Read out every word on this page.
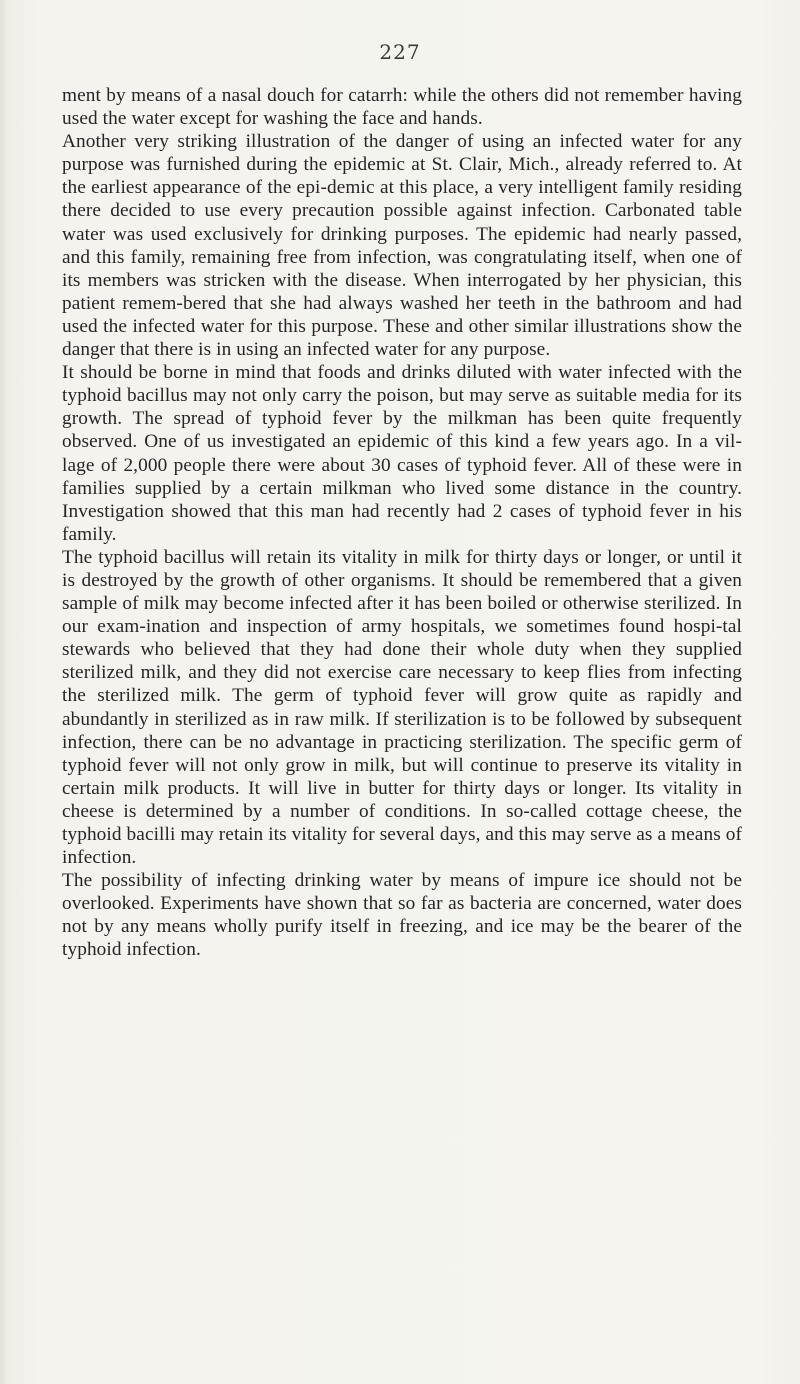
227

ment by means of a nasal douch for catarrh: while the others did not remember having used the water except for washing the face and hands.

Another very striking illustration of the danger of using an infected water for any purpose was furnished during the epidemic at St. Clair, Mich., already referred to. At the earliest appearance of the epi-demic at this place, a very intelligent family residing there decided to use every precaution possible against infection. Carbonated table water was used exclusively for drinking purposes. The epidemic had nearly passed, and this family, remaining free from infection, was congratulating itself, when one of its members was stricken with the disease. When interrogated by her physician, this patient remem-bered that she had always washed her teeth in the bathroom and had used the infected water for this purpose. These and other similar illustrations show the danger that there is in using an infected water for any purpose.

It should be borne in mind that foods and drinks diluted with water infected with the typhoid bacillus may not only carry the poison, but may serve as suitable media for its growth. The spread of typhoid fever by the milkman has been quite frequently observed. One of us investigated an epidemic of this kind a few years ago. In a vil-lage of 2,000 people there were about 30 cases of typhoid fever. All of these were in families supplied by a certain milkman who lived some distance in the country. Investigation showed that this man had recently had 2 cases of typhoid fever in his family.

The typhoid bacillus will retain its vitality in milk for thirty days or longer, or until it is destroyed by the growth of other organisms. It should be remembered that a given sample of milk may become infected after it has been boiled or otherwise sterilized. In our exam-ination and inspection of army hospitals, we sometimes found hospi-tal stewards who believed that they had done their whole duty when they supplied sterilized milk, and they did not exercise care necessary to keep flies from infecting the sterilized milk. The germ of typhoid fever will grow quite as rapidly and abundantly in sterilized as in raw milk. If sterilization is to be followed by subsequent infection, there can be no advantage in practicing sterilization. The specific germ of typhoid fever will not only grow in milk, but will continue to preserve its vitality in certain milk products. It will live in butter for thirty days or longer. Its vitality in cheese is determined by a number of conditions. In so-called cottage cheese, the typhoid bacilli may retain its vitality for several days, and this may serve as a means of infection.

The possibility of infecting drinking water by means of impure ice should not be overlooked. Experiments have shown that so far as bacteria are concerned, water does not by any means wholly purify itself in freezing, and ice may be the bearer of the typhoid infection.
